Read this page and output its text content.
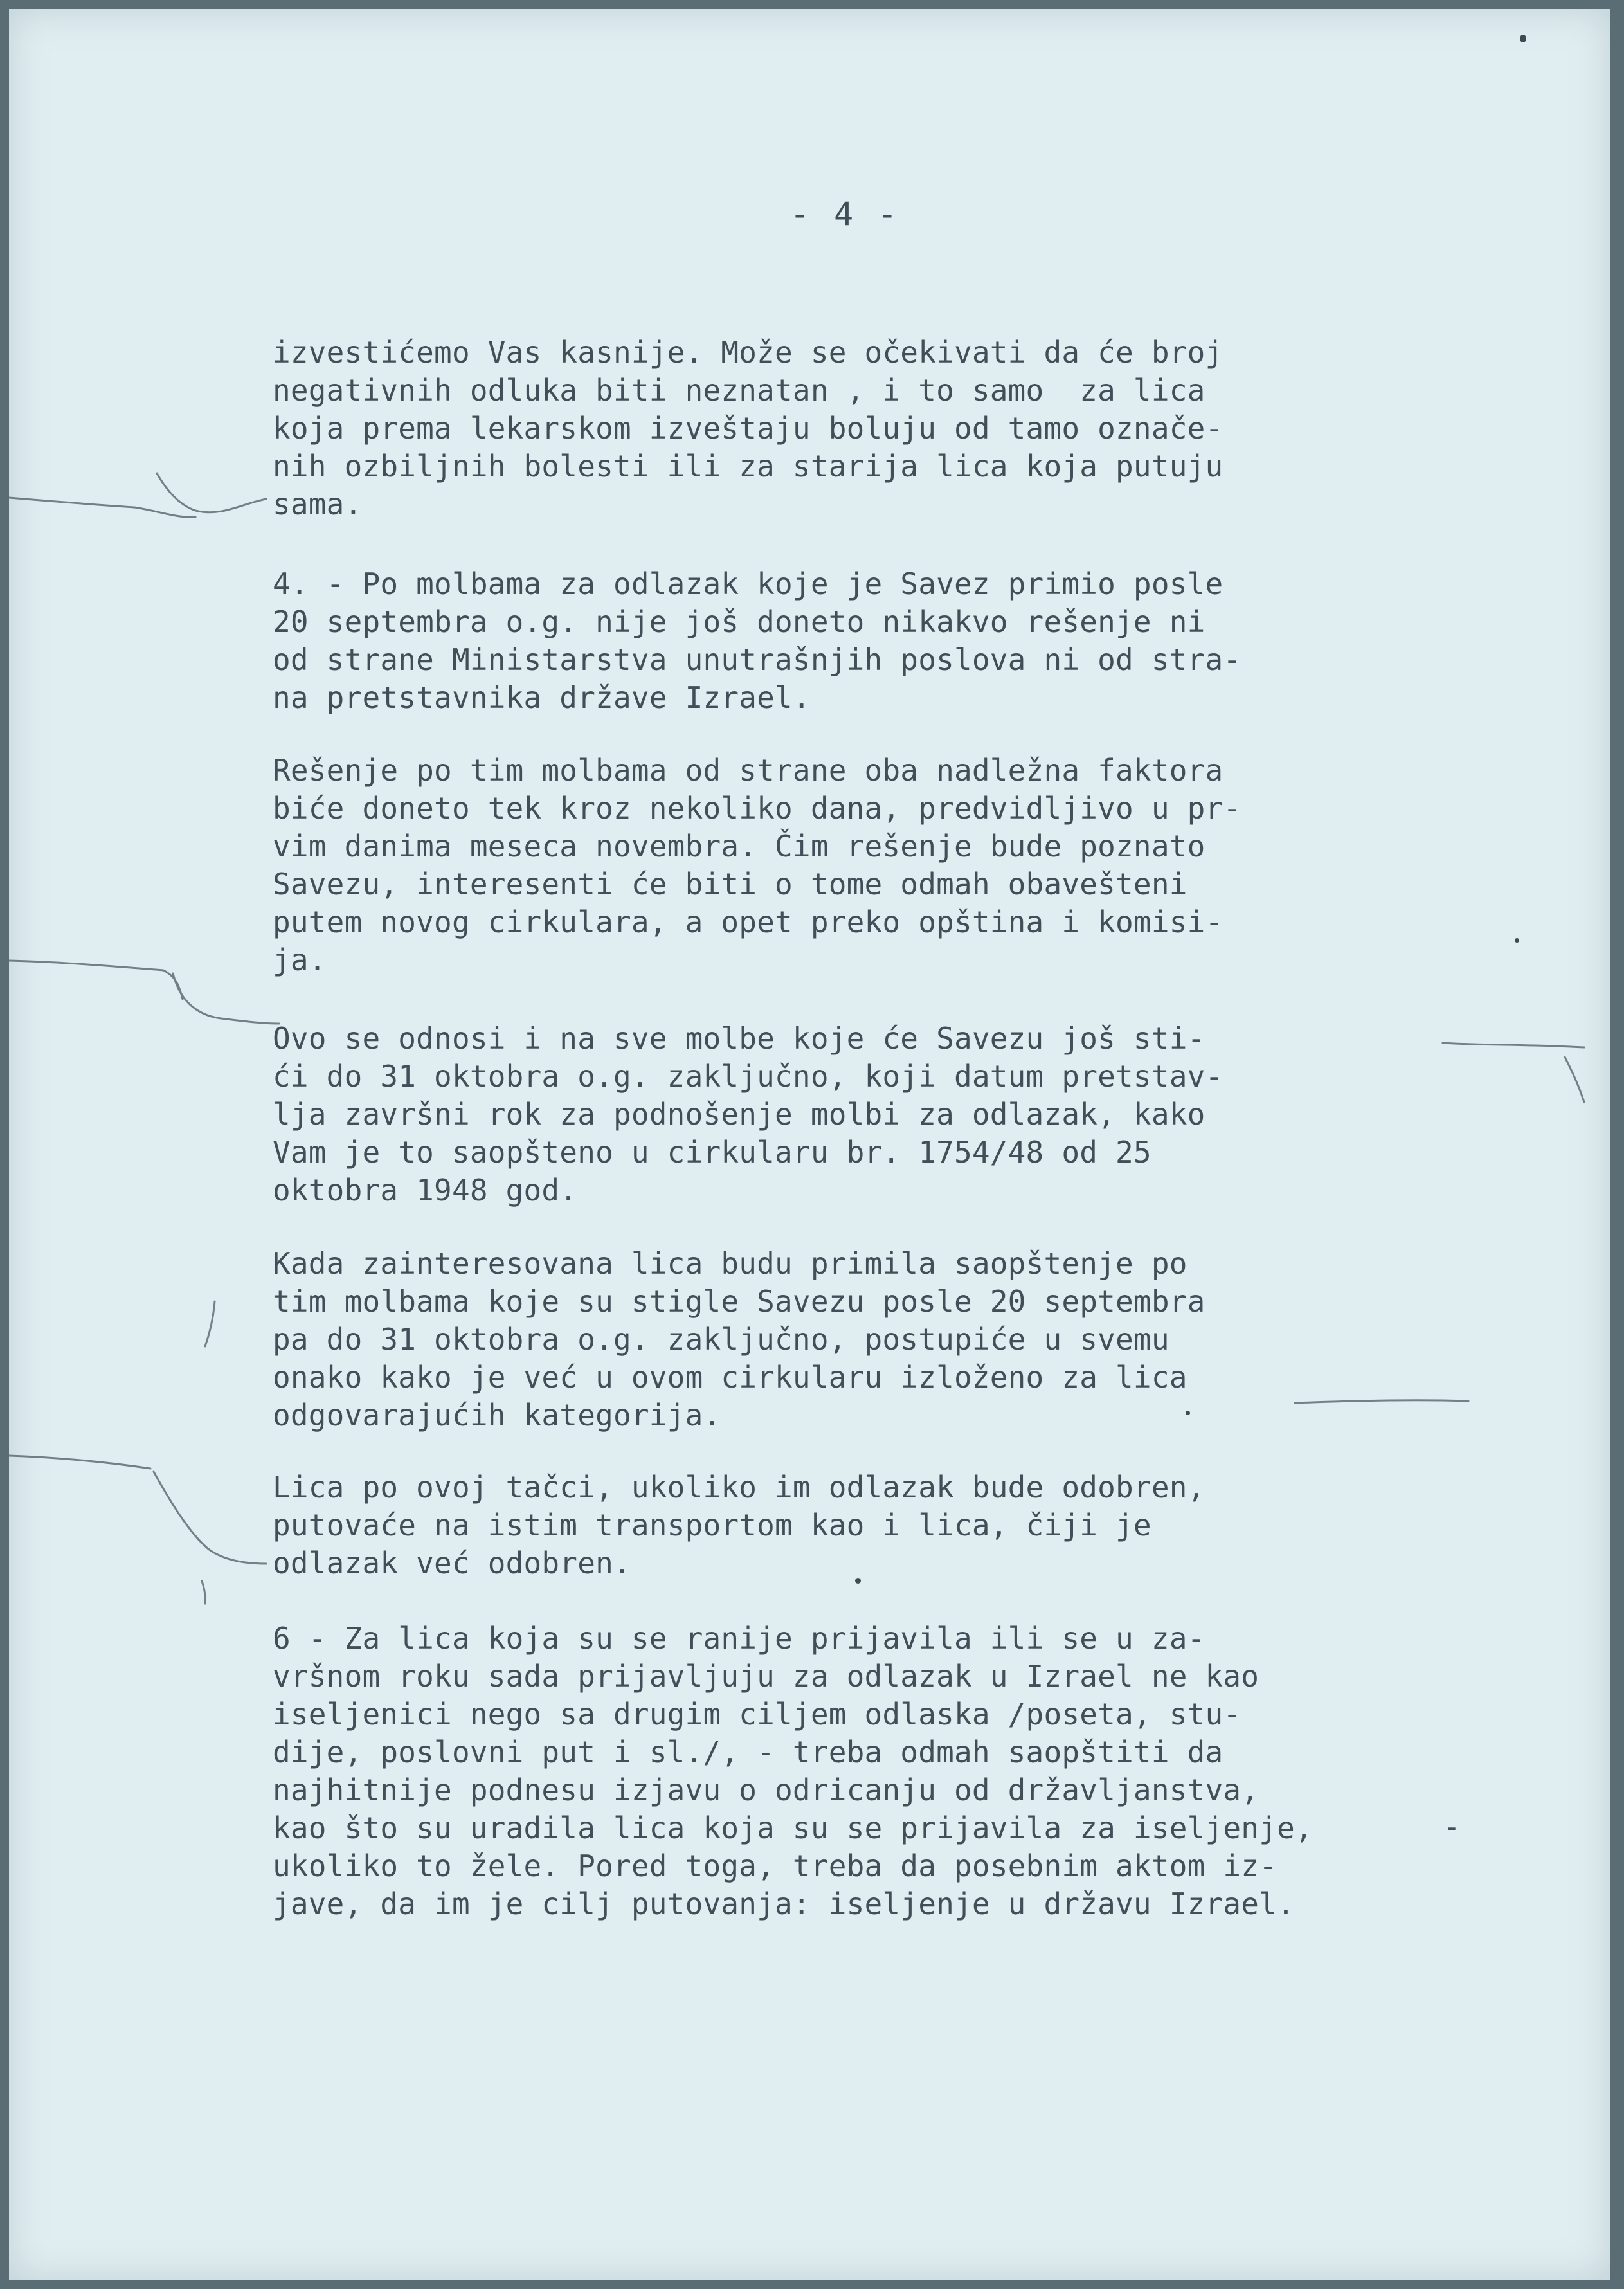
- 4 -

izvestićemo Vas kasnije. Može se očekivati da će broj
negativnih odluka biti neznatan , i to samo  za lica
koja prema lekarskom izveštaju boluju od tamo označe-
nih ozbiljnih bolesti ili za starija lica koja putuju
sama.

4. - Po molbama za odlazak koje je Savez primio posle
20 septembra o.g. nije još doneto nikakvo rešenje ni
od strane Ministarstva unutrašnjih poslova ni od stra-
na pretstavnika države Izrael.

Rešenje po tim molbama od strane oba nadležna faktora
biće doneto tek kroz nekoliko dana, predvidljivo u pr-
vim danima meseca novembra. Čim rešenje bude poznato
Savezu, interesenti će biti o tome odmah obavešteni
putem novog cirkulara, a opet preko opština i komisi-
ja.

Ovo se odnosi i na sve molbe koje će Savezu još sti-
ći do 31 oktobra o.g. zaključno, koji datum pretstav-
lja završni rok za podnošenje molbi za odlazak, kako
Vam je to saopšteno u cirkularu br. 1754/48 od 25
oktobra 1948 god.

Kada zainteresovana lica budu primila saopštenje po
tim molbama koje su stigle Savezu posle 20 septembra
pa do 31 oktobra o.g. zaključno, postupiće u svemu
onako kako je već u ovom cirkularu izloženo za lica
odgovarajućih kategorija.

Lica po ovoj tačci, ukoliko im odlazak bude odobren,
putovaće na istim transportom kao i lica, čiji je
odlazak već odobren.

6 - Za lica koja su se ranije prijavila ili se u za-
vršnom roku sada prijavljuju za odlazak u Izrael ne kao
iseljenici nego sa drugim ciljem odlaska /poseta, stu-
dije, poslovni put i sl./, - treba odmah saopštiti da
najhitnije podnesu izjavu o odricanju od državljanstva,
kao što su uradila lica koja su se prijavila za iseljenje,
ukoliko to žele. Pored toga, treba da posebnim aktom iz-
jave, da im je cilj putovanja: iseljenje u državu Izrael.

-
